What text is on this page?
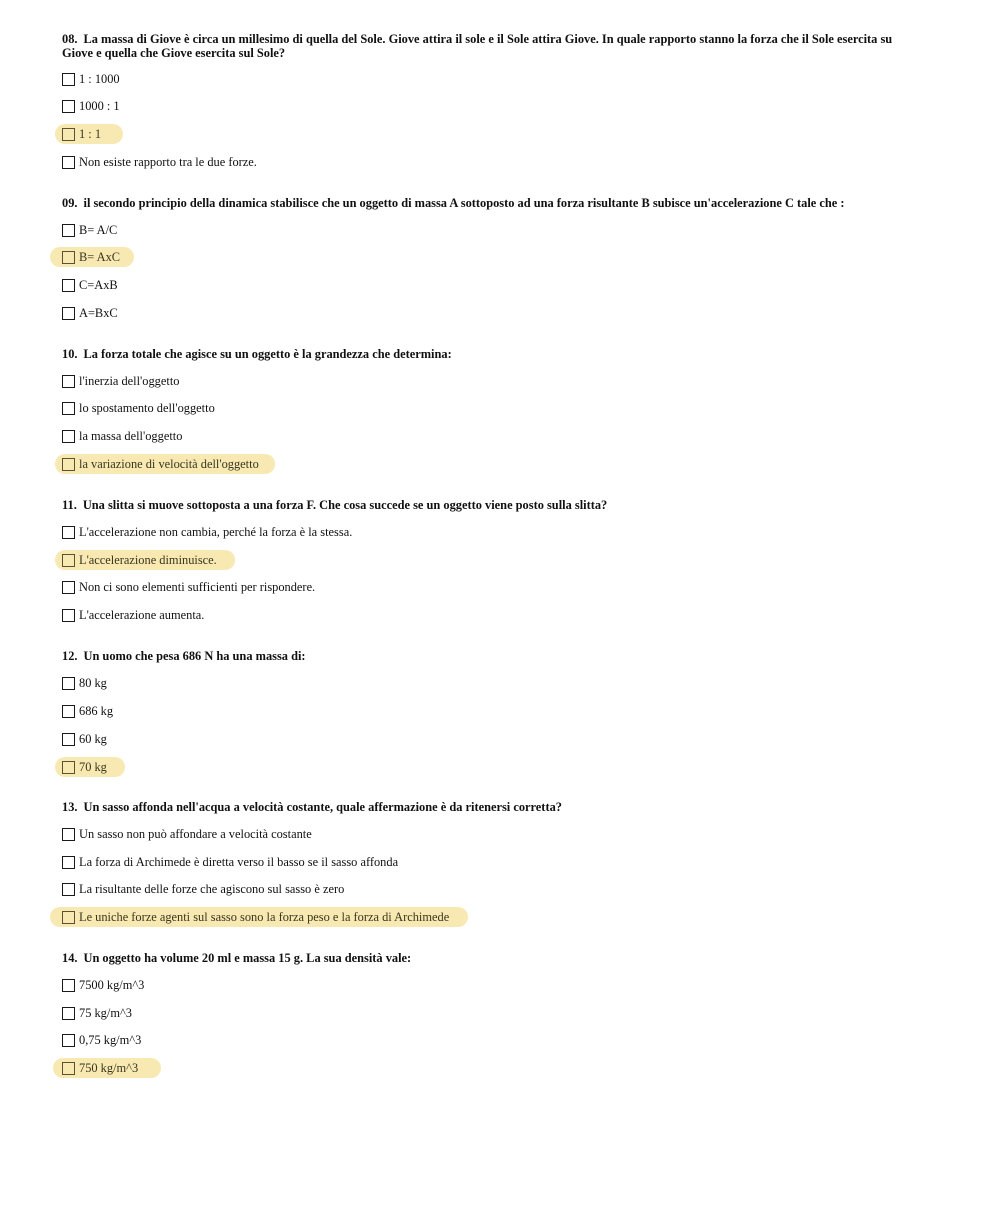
08. La massa di Giove è circa un millesimo di quella del Sole. Giove attira il sole e il Sole attira Giove. In quale rapporto stanno la forza che il Sole esercita su Giove e quella che Giove esercita sul Sole?
1 : 1000
1000 : 1
1 : 1
Non esiste rapporto tra le due forze.
09. il secondo principio della dinamica stabilisce che un oggetto di massa A sottoposto ad una forza risultante B subisce un'accelerazione C tale che :
B= A/C
B= AxC
C=AxB
A=BxC
10. La forza totale che agisce su un oggetto è la grandezza che determina:
l'inerzia dell'oggetto
lo spostamento dell'oggetto
la massa dell'oggetto
la variazione di velocità dell'oggetto
11. Una slitta si muove sottoposta a una forza F. Che cosa succede se un oggetto viene posto sulla slitta?
L'accelerazione non cambia, perché la forza è la stessa.
L'accelerazione diminuisce.
Non ci sono elementi sufficienti per rispondere.
L'accelerazione aumenta.
12. Un uomo che pesa 686 N ha una massa di:
80 kg
686 kg
60 kg
70 kg
13. Un sasso affonda nell'acqua a velocità costante, quale affermazione è da ritenersi corretta?
Un sasso non può affondare a velocità costante
La forza di Archimede è diretta verso il basso se il sasso affonda
La risultante delle forze che agiscono sul sasso è zero
Le uniche forze agenti sul sasso sono la forza peso e la forza di Archimede
14. Un oggetto ha volume 20 ml e massa 15 g. La sua densità vale:
7500 kg/m^3
75 kg/m^3
0,75 kg/m^3
750 kg/m^3
